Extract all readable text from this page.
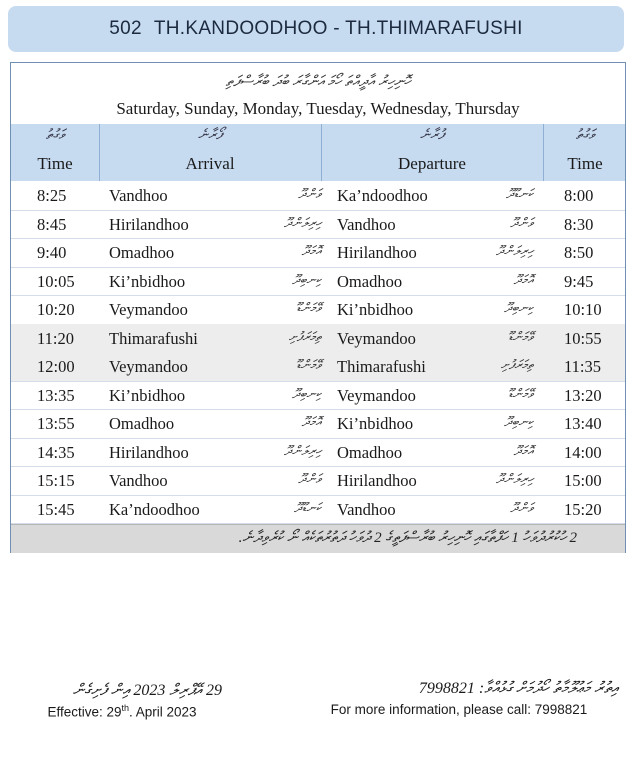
502 TH.KANDOODHOO - TH.THIMARAFUSHI
ހޮނިހިރު އާދީއްތަ ހޯމަ އަންގާރަ ބުދަ ބުރާސްފަތި
Saturday, Sunday, Monday, Tuesday, Wednesday, Thursday
ވަގުތު
Time
ފޯރާނެ
Arrival
ފުރާނެ
Departure
ވަގުތު
Time
8:25	Vandhoo	ވަންދޫ Ka’ndoodhoo	ކަނޑޫދޫ 8:00
8:45	Hirilandhoo	ހިރިލަންދޫ Vandhoo	ވަންދޫ 8:30
9:40	Omadhoo	އޮމަދޫ Hirilandhoo	ހިރިލަންދޫ 8:50
10:05 Ki’nbidhoo	ކިނބިދޫ Omadhoo	އޮމަދޫ 9:45
10:20 Veymandoo	ވޭމަންޑޫ Ki’nbidhoo	ކިނބިދޫ 10:10
11:20 Thimarafushi	ތިމަރަފުށި Veymandoo	ވޭމަންޑޫ 10:55
12:00 Veymandoo	ވޭމަންޑޫ Thimarafushi	ތިމަރަފުށި 11:35
13:35 Ki’nbidhoo	ކިނބިދޫ Veymandoo	ވޭމަންޑޫ 13:20
13:55 Omadhoo	އޮމަދޫ Ki’nbidhoo	ކިނބިދޫ 13:40
14:35 Hirilandhoo	ހިރިލަންދޫ Omadhoo	އޮމަދޫ 14:00
15:15 Vandhoo	ވަންދޫ Hirilandhoo	ހިރިލަންދޫ 15:00
15:45 Ka’ndoodhoo	ކަނޑޫދޫ Vandhoo	ވަންދޫ 15:20
2 ހުކުރުދުވަހު 1 ހަފްތާގައި ހޮނިހިރު ބުރާސްފަތީގެ 2 ދުވަހު ދަތުރުތަކެއް ނޯ ކުރެވިދާނެ.
29 އޭޕްރިލް 2023 އިން ފެށިގެން
Effective: 29th. April 2023
އިތުރު މަޢުލޫމާތު ހޯދުމަށް ގުޅުއްވާ: 7998821
For more information, please call: 7998821
